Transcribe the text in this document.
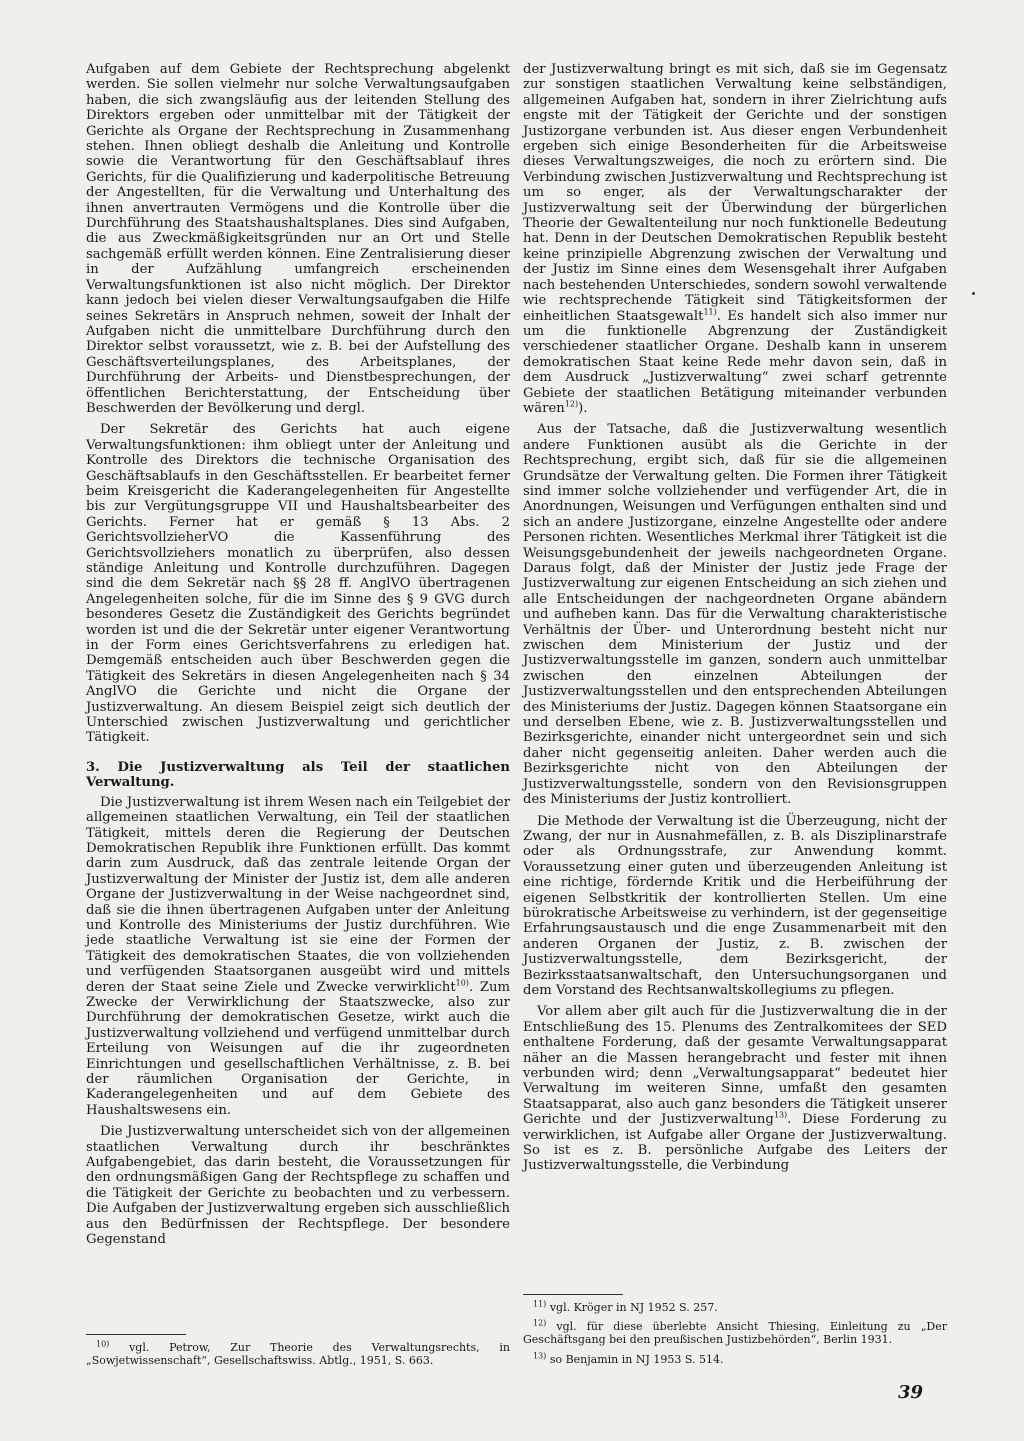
Aufgaben auf dem Gebiete der Rechtsprechung abgelenkt werden. Sie sollen vielmehr nur solche Verwaltungsaufgaben haben, die sich zwangsläufig aus der leitenden Stellung des Direktors ergeben oder unmittelbar mit der Tätigkeit der Gerichte als Organe der Rechtsprechung in Zusammenhang stehen. Ihnen obliegt deshalb die Anleitung und Kontrolle sowie die Verantwortung für den Geschäftsablauf ihres Gerichts, für die Qualifizierung und kaderpolitische Betreuung der Angestellten, für die Verwaltung und Unterhaltung des ihnen anvertrauten Vermögens und die Kontrolle über die Durchführung des Staatshaushaltsplanes. Dies sind Aufgaben, die aus Zweckmäßigkeitsgründen nur an Ort und Stelle sachgemäß erfüllt werden können. Eine Zentralisierung dieser in der Aufzählung umfangreich erscheinenden Verwaltungsfunktionen ist also nicht möglich. Der Direktor kann jedoch bei vielen dieser Verwaltungsaufgaben die Hilfe seines Sekretärs in Anspruch nehmen, soweit der Inhalt der Aufgaben nicht die unmittelbare Durchführung durch den Direktor selbst voraussetzt, wie z. B. bei der Aufstellung des Geschäftsverteilungsplanes, des Arbeitsplanes, der Durchführung der Arbeits- und Dienstbesprechungen, der öffentlichen Berichterstattung, der Entscheidung über Beschwerden der Bevölkerung und dergl.

Der Sekretär des Gerichts hat auch eigene Verwaltungsfunktionen: ihm obliegt unter der Anleitung und Kontrolle des Direktors die technische Organisation des Geschäftsablaufs in den Geschäftsstellen. Er bearbeitet ferner beim Kreisgericht die Kaderangelegenheiten für Angestellte bis zur Vergütungsgruppe VII und Haushaltsbearbeiter des Gerichts. Ferner hat er gemäß § 13 Abs. 2 GerichtsvollzieherVO die Kassenführung des Gerichtsvollziehers monatlich zu überprüfen, also dessen ständige Anleitung und Kontrolle durchzuführen. Dagegen sind die dem Sekretär nach §§ 28 ff. AnglVO übertragenen Angelegenheiten solche, für die im Sinne des § 9 GVG durch besonderes Gesetz die Zuständigkeit des Gerichts begründet worden ist und die der Sekretär unter eigener Verantwortung in der Form eines Gerichtsverfahrens zu erledigen hat. Demgemäß entscheiden auch über Beschwerden gegen die Tätigkeit des Sekretärs in diesen Angelegenheiten nach § 34 AnglVO die Gerichte und nicht die Organe der Justizverwaltung. An diesem Beispiel zeigt sich deutlich der Unterschied zwischen Justizverwaltung und gerichtlicher Tätigkeit.

3. Die Justizverwaltung als Teil der staatlichen Verwaltung.

Die Justizverwaltung ist ihrem Wesen nach ein Teilgebiet der allgemeinen staatlichen Verwaltung, ein Teil der staatlichen Tätigkeit, mittels deren die Regierung der Deutschen Demokratischen Republik ihre Funktionen erfüllt. Das kommt darin zum Ausdruck, daß das zentrale leitende Organ der Justizverwaltung der Minister der Justiz ist, dem alle anderen Organe der Justizverwaltung in der Weise nachgeordnet sind, daß sie die ihnen übertragenen Aufgaben unter der Anleitung und Kontrolle des Ministeriums der Justiz durchführen. Wie jede staatliche Verwaltung ist sie eine der Formen der Tätigkeit des demokratischen Staates, die von vollziehenden und verfügenden Staatsorganen ausgeübt wird und mittels deren der Staat seine Ziele und Zwecke verwirklicht$^{10)}$. Zum Zwecke der Verwirklichung der Staatszwecke, also zur Durchführung der demokratischen Gesetze, wirkt auch die Justizverwaltung vollziehend und verfügend unmittelbar durch Erteilung von Weisungen auf die ihr zugeordneten Einrichtungen und gesellschaftlichen Verhältnisse, z. B. bei der räumlichen Organisation der Gerichte, in Kaderangelegenheiten und auf dem Gebiete des Haushaltswesens ein.

Die Justizverwaltung unterscheidet sich von der allgemeinen staatlichen Verwaltung durch ihr beschränktes Aufgabengebiet, das darin besteht, die Voraussetzungen für den ordnungsmäßigen Gang der Rechtspflege zu schaffen und die Tätigkeit der Gerichte zu beobachten und zu verbessern. Die Aufgaben der Justizverwaltung ergeben sich ausschließlich aus den Bedürfnissen der Rechtspflege. Der besondere Gegenstand

der Justizverwaltung bringt es mit sich, daß sie im Gegensatz zur sonstigen staatlichen Verwaltung keine selbständigen, allgemeinen Aufgaben hat, sondern in ihrer Zielrichtung aufs engste mit der Tätigkeit der Gerichte und der sonstigen Justizorgane verbunden ist. Aus dieser engen Verbundenheit ergeben sich einige Besonderheiten für die Arbeitsweise dieses Verwaltungszweiges, die noch zu erörtern sind. Die Verbindung zwischen Justizverwaltung und Rechtsprechung ist um so enger, als der Verwaltungscharakter der Justizverwaltung seit der Überwindung der bürgerlichen Theorie der Gewaltenteilung nur noch funktionelle Bedeutung hat. Denn in der Deutschen Demokratischen Republik besteht keine prinzipielle Abgrenzung zwischen der Verwaltung und der Justiz im Sinne eines dem Wesensgehalt ihrer Aufgaben nach bestehenden Unterschiedes, sondern sowohl verwaltende wie rechtsprechende Tätigkeit sind Tätigkeitsformen der einheitlichen Staatsgewalt$^{11)}$. Es handelt sich also immer nur um die funktionelle Abgrenzung der Zuständigkeit verschiedener staatlicher Organe. Deshalb kann in unserem demokratischen Staat keine Rede mehr davon sein, daß in dem Ausdruck „Justizverwaltung“ zwei scharf getrennte Gebiete der staatlichen Betätigung miteinander verbunden wären$^{12)}$).

Aus der Tatsache, daß die Justizverwaltung wesentlich andere Funktionen ausübt als die Gerichte in der Rechtsprechung, ergibt sich, daß für sie die allgemeinen Grundsätze der Verwaltung gelten. Die Formen ihrer Tätigkeit sind immer solche vollziehender und verfügender Art, die in Anordnungen, Weisungen und Verfügungen enthalten sind und sich an andere Justizorgane, einzelne Angestellte oder andere Personen richten. Wesentliches Merkmal ihrer Tätigkeit ist die Weisungsgebundenheit der jeweils nachgeordneten Organe. Daraus folgt, daß der Minister der Justiz jede Frage der Justizverwaltung zur eigenen Entscheidung an sich ziehen und alle Entscheidungen der nachgeordneten Organe abändern und aufheben kann. Das für die Verwaltung charakteristische Verhältnis der Über- und Unterordnung besteht nicht nur zwischen dem Ministerium der Justiz und der Justizverwaltungsstelle im ganzen, sondern auch unmittelbar zwischen den einzelnen Abteilungen der Justizverwaltungsstellen und den entsprechenden Abteilungen des Ministeriums der Justiz. Dagegen können Staatsorgane ein und derselben Ebene, wie z. B. Justizverwaltungsstellen und Bezirksgerichte, einander nicht untergeordnet sein und sich daher nicht gegenseitig anleiten. Daher werden auch die Bezirksgerichte nicht von den Abteilungen der Justizverwaltungsstelle, sondern von den Revisionsgruppen des Ministeriums der Justiz kontrolliert.

Die Methode der Verwaltung ist die Überzeugung, nicht der Zwang, der nur in Ausnahmefällen, z. B. als Disziplinarstrafe oder als Ordnungsstrafe, zur Anwendung kommt. Voraussetzung einer guten und überzeugenden Anleitung ist eine richtige, fördernde Kritik und die Herbeiführung der eigenen Selbstkritik der kontrollierten Stellen. Um eine bürokratische Arbeitsweise zu verhindern, ist der gegenseitige Erfahrungsaustausch und die enge Zusammenarbeit mit den anderen Organen der Justiz, z. B. zwischen der Justizverwaltungsstelle, dem Bezirksgericht, der Bezirksstaatsanwaltschaft, den Untersuchungsorganen und dem Vorstand des Rechtsanwaltskollegiums zu pflegen.

Vor allem aber gilt auch für die Justizverwaltung die in der Entschließung des 15. Plenums des Zentralkomitees der SED enthaltene Forderung, daß der gesamte Verwaltungsapparat näher an die Massen herangebracht und fester mit ihnen verbunden wird; denn „Verwaltungsapparat“ bedeutet hier Verwaltung im weiteren Sinne, umfaßt den gesamten Staatsapparat, also auch ganz besonders die Tätigkeit unserer Gerichte und der Justizverwaltung$^{13)}$. Diese Forderung zu verwirklichen, ist Aufgabe aller Organe der Justizverwaltung. So ist es z. B. persönliche Aufgabe des Leiters der Justizverwaltungsstelle, die Verbindung

$^{10)}$ vgl. Petrow, Zur Theorie des Verwaltungsrechts, in „Sowjetwissenschaft“, Gesellschaftswiss. Abtlg., 1951, S. 663.

$^{11)}$ vgl. Kröger in NJ 1952 S. 257.

$^{12)}$ vgl. für diese überlebte Ansicht Thiesing, Einleitung zu „Der Geschäftsgang bei den preußischen Justizbehörden“, Berlin 1931.

$^{13)}$ so Benjamin in NJ 1953 S. 514.

39
